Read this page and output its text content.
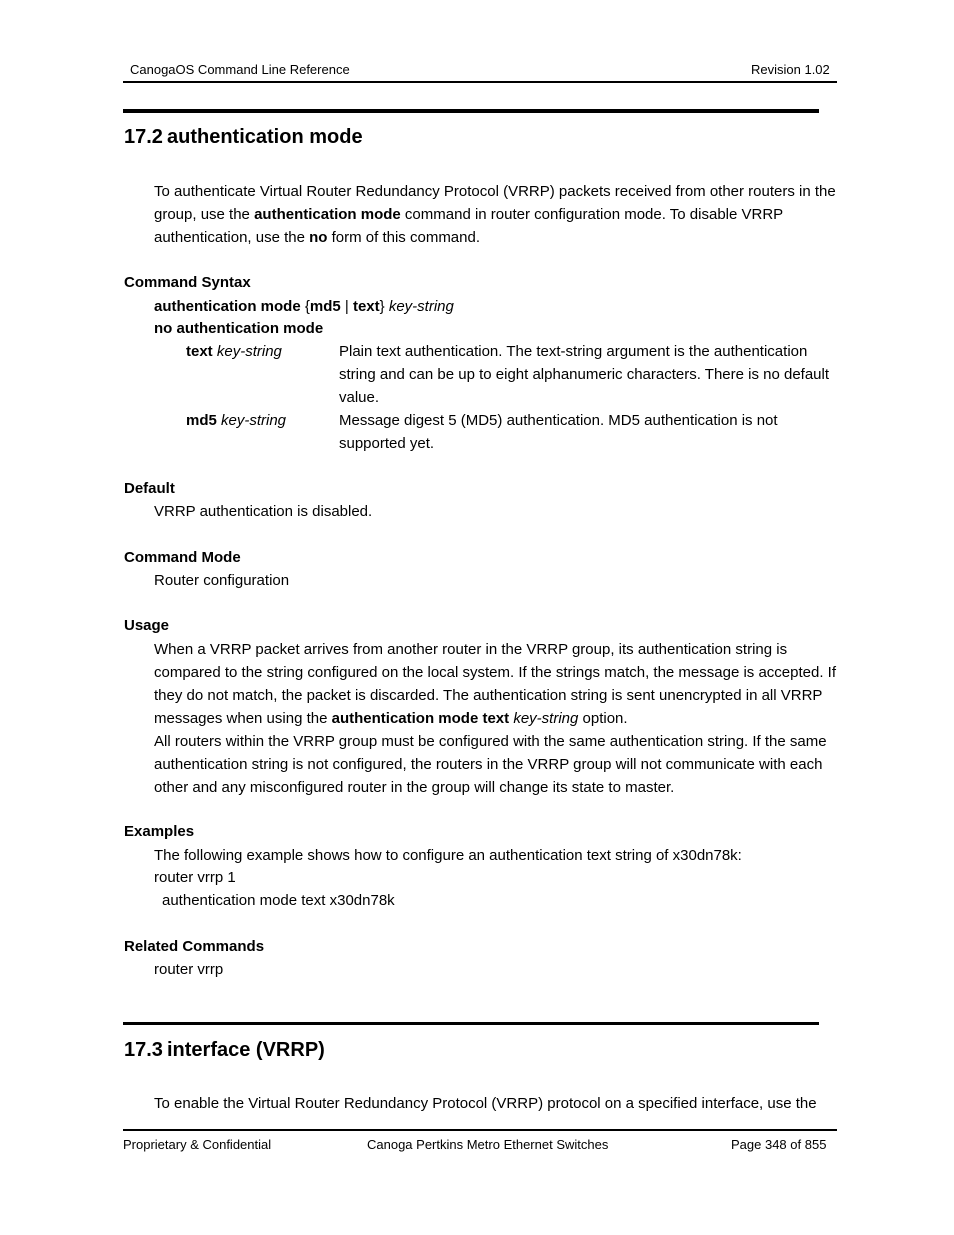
CanogaOS Command Line Reference	Revision 1.02
17.2 authentication mode
To authenticate Virtual Router Redundancy Protocol (VRRP) packets received from other routers in the
group, use the authentication mode command in router configuration mode. To disable VRRP
authentication, use the no form of this command.
Command Syntax
authentication mode {md5 | text} key-string
no authentication mode
text key-string	Plain text authentication. The text-string argument is the authentication
string and can be up to eight alphanumeric characters. There is no default
value.
md5 key-string	Message digest 5 (MD5) authentication. MD5 authentication is not
supported yet.
Default
VRRP authentication is disabled.
Command Mode
Router configuration
Usage
When a VRRP packet arrives from another router in the VRRP group, its authentication string is
compared to the string configured on the local system. If the strings match, the message is accepted. If
they do not match, the packet is discarded. The authentication string is sent unencrypted in all VRRP
messages when using the authentication mode text key-string option.
All routers within the VRRP group must be configured with the same authentication string. If the same
authentication string is not configured, the routers in the VRRP group will not communicate with each
other and any misconfigured router in the group will change its state to master.
Examples
The following example shows how to configure an authentication text string of x30dn78k:
router vrrp 1
authentication mode text x30dn78k
Related Commands
router vrrp
17.3 interface (VRRP)
To enable the Virtual Router Redundancy Protocol (VRRP) protocol on a specified interface, use the
Proprietary & Confidential	Canoga Pertkins Metro Ethernet Switches	Page 348 of 855
